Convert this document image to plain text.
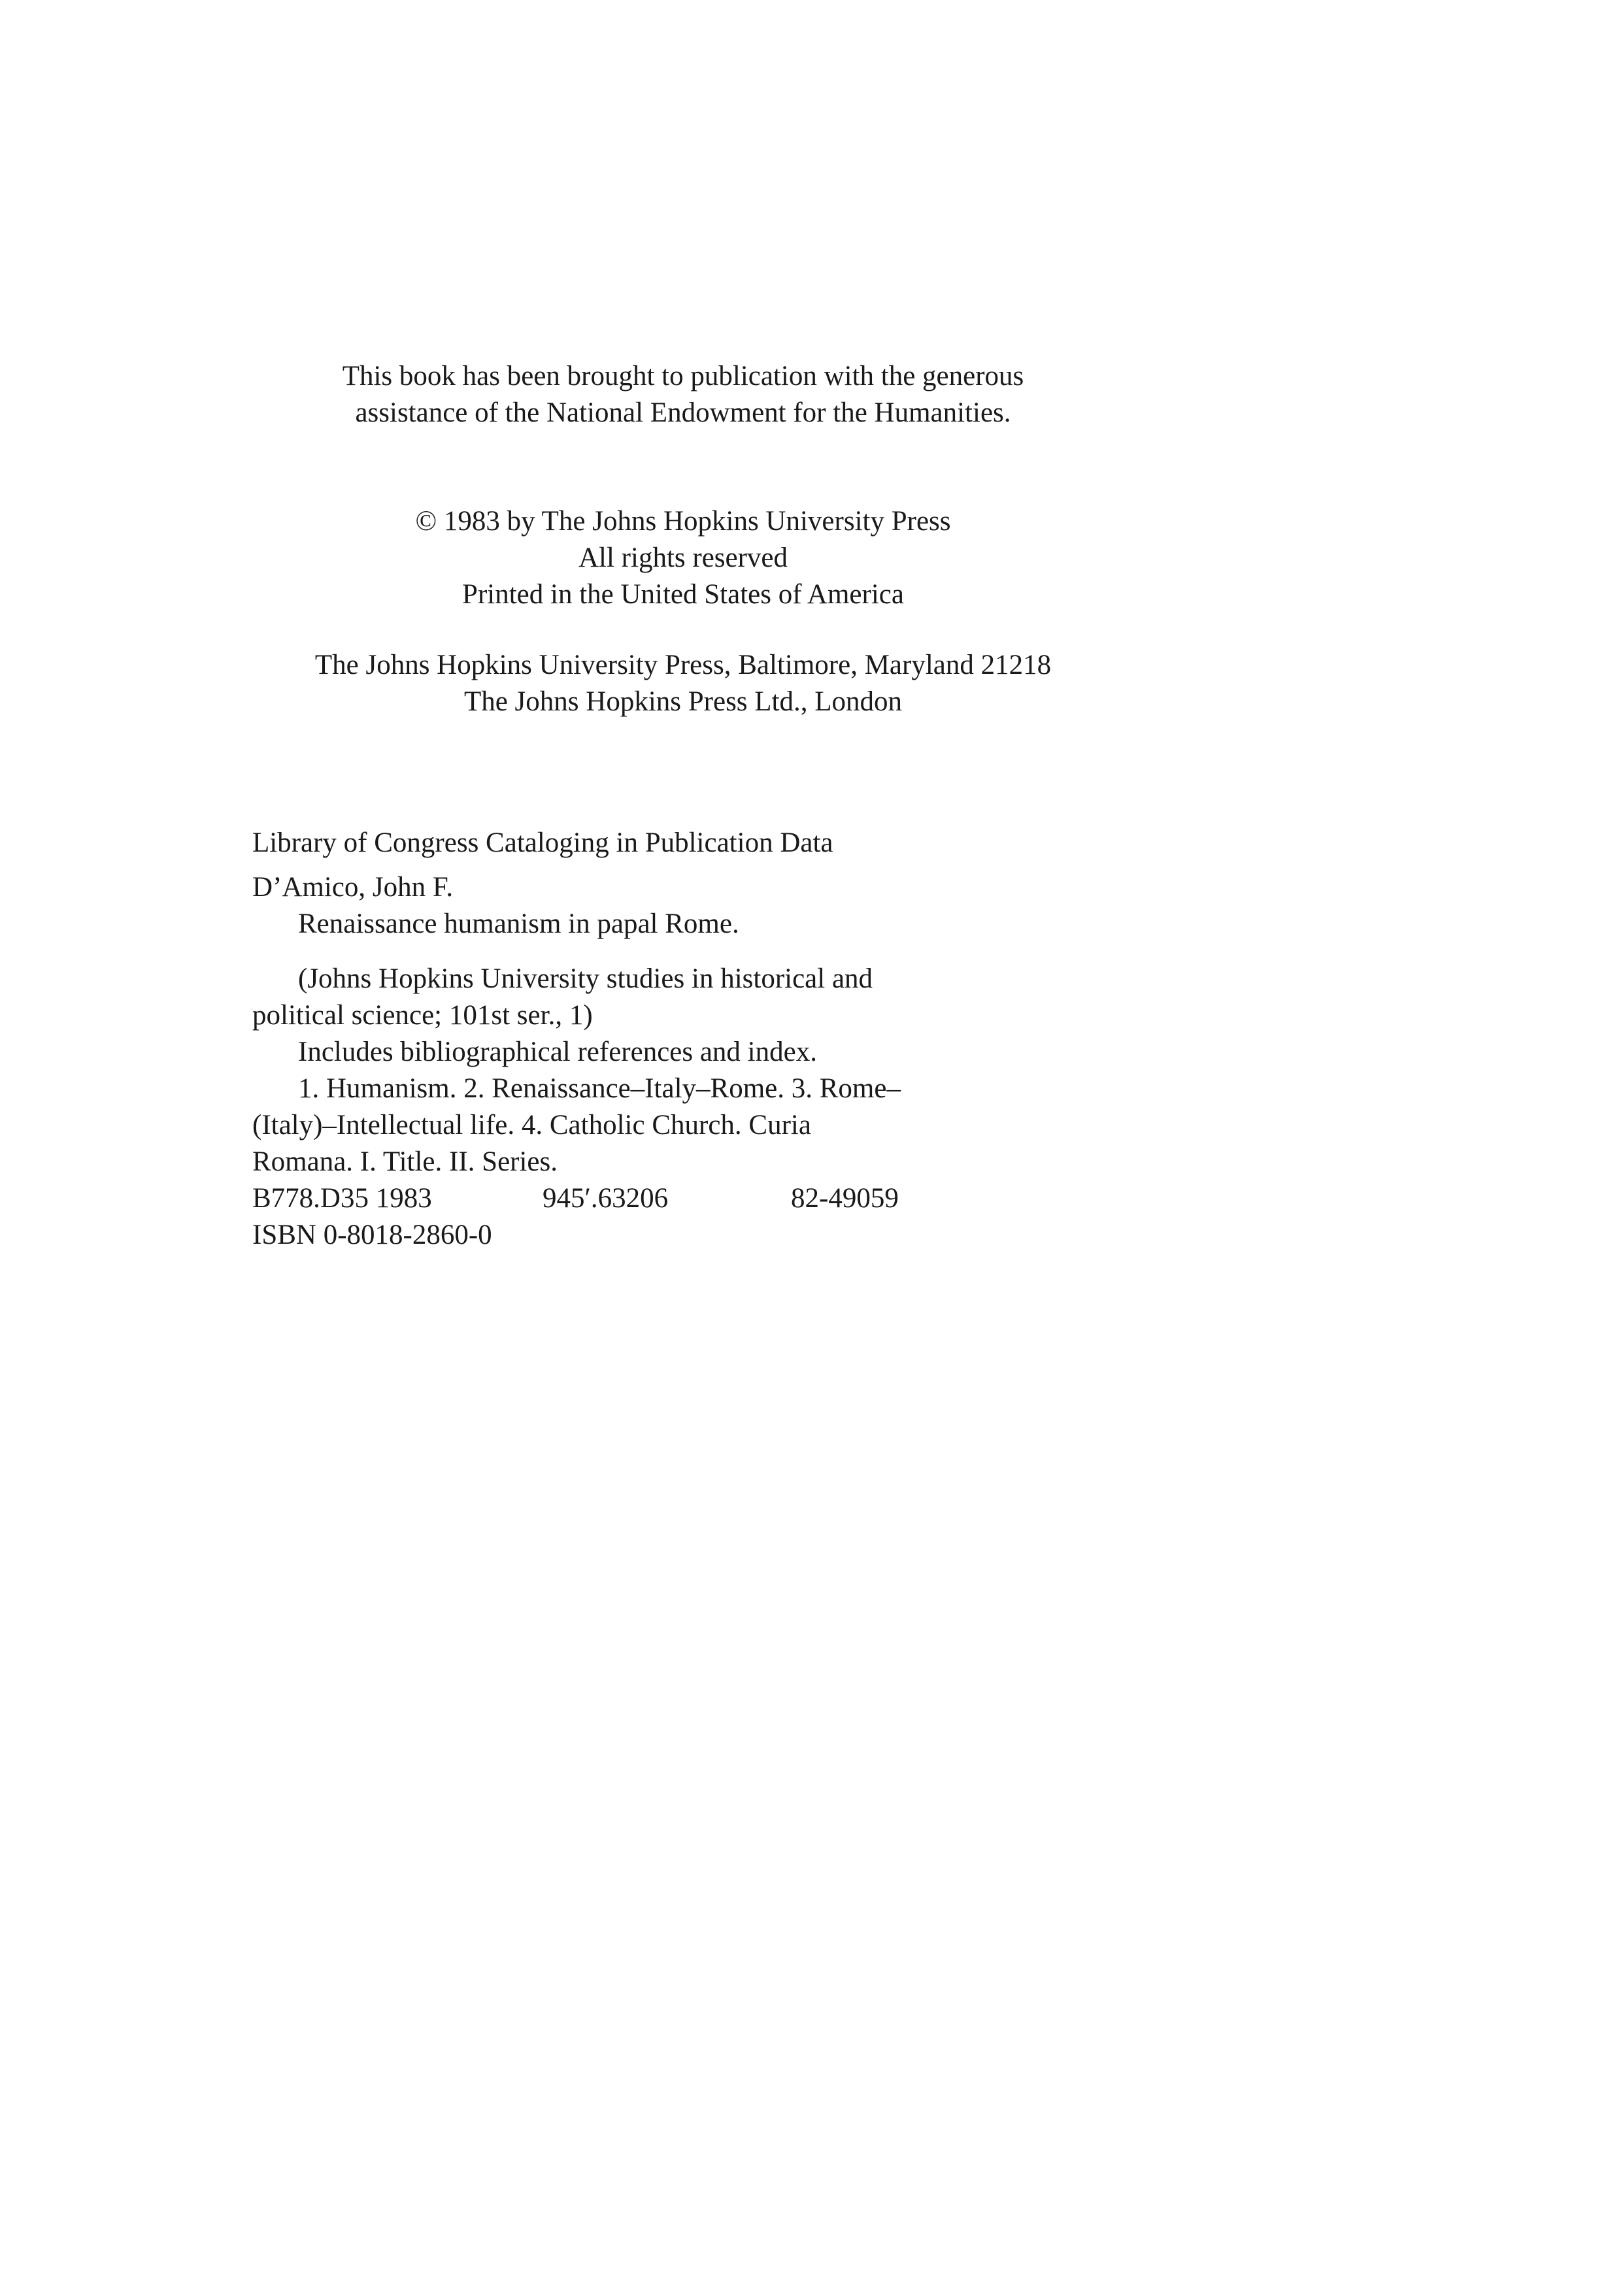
This book has been brought to publication with the generous
assistance of the National Endowment for the Humanities.
© 1983 by The Johns Hopkins University Press
All rights reserved
Printed in the United States of America
The Johns Hopkins University Press, Baltimore, Maryland 21218
The Johns Hopkins Press Ltd., London
Library of Congress Cataloging in Publication Data
D’Amico, John F.
Renaissance humanism in papal Rome.
(Johns Hopkins University studies in historical and
political science; 101st ser., 1)
Includes bibliographical references and index.
1. Humanism. 2. Renaissance–Italy–Rome. 3. Rome–
(Italy)–Intellectual life. 4. Catholic Church. Curia
Romana. I. Title. II. Series.
B778.D35 1983	945′.63206	82-49059
ISBN 0-8018-2860-0
